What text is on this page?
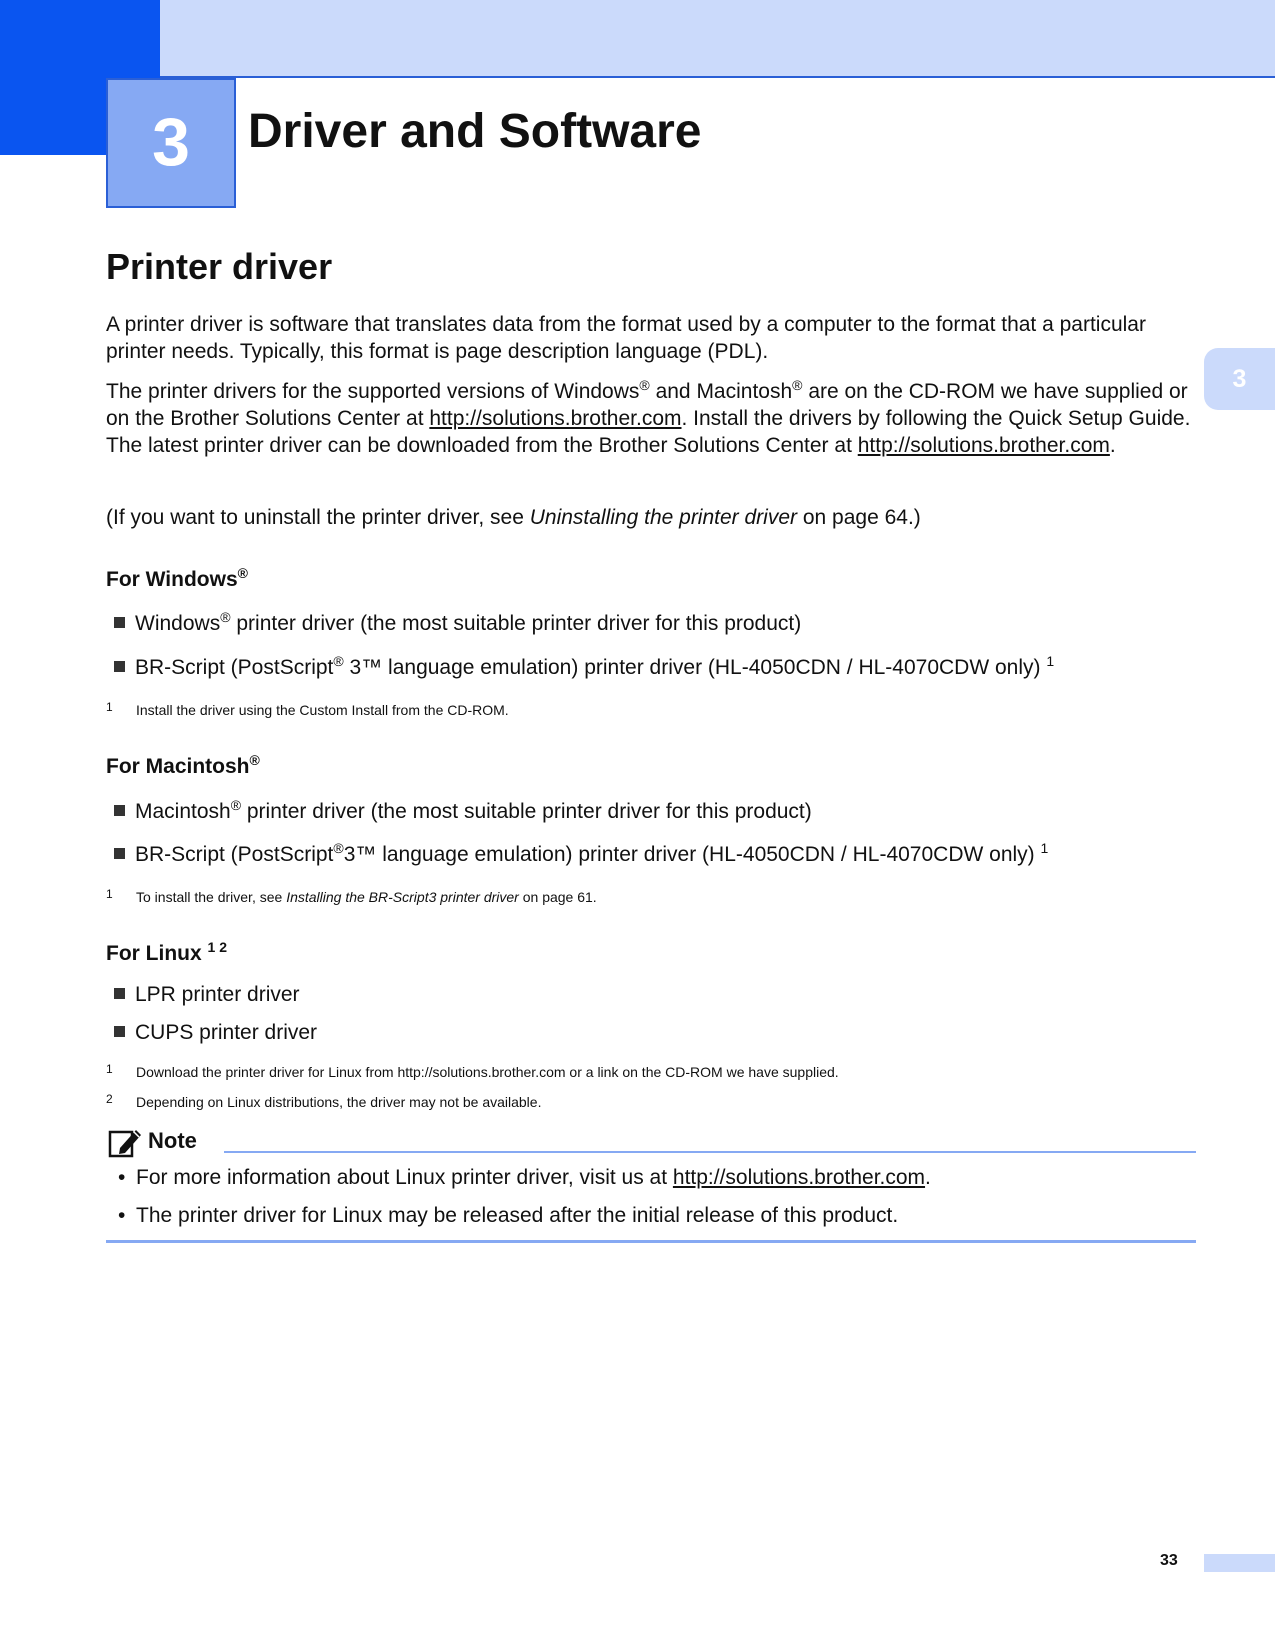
3	Driver and Software
3
Printer driver

A printer driver is software that translates data from the format used by a computer to the format that a particular printer needs. Typically, this format is page description language (PDL).

The printer drivers for the supported versions of Windows® and Macintosh® are on the CD-ROM we have supplied or on the Brother Solutions Center at http://solutions.brother.com. Install the drivers by following the Quick Setup Guide. The latest printer driver can be downloaded from the Brother Solutions Center at http://solutions.brother.com.

(If you want to uninstall the printer driver, see Uninstalling the printer driver on page 64.)

For Windows®
Windows® printer driver (the most suitable printer driver for this product)
BR-Script (PostScript® 3™ language emulation) printer driver (HL-4050CDN / HL-4070CDW only) $^1$
1 Install the driver using the Custom Install from the CD-ROM.
For Macintosh®
Macintosh® printer driver (the most suitable printer driver for this product)
BR-Script (PostScript®3™ language emulation) printer driver (HL-4050CDN / HL-4070CDW only) $^1$
1 To install the driver, see Installing the BR-Script3 printer driver on page 61.
For Linux $^{1 2}$
LPR printer driver
CUPS printer driver
1 Download the printer driver for Linux from http://solutions.brother.com or a link on the CD-ROM we have supplied.
2 Depending on Linux distributions, the driver may not be available.
Note
• For more information about Linux printer driver, visit us at http://solutions.brother.com.
• The printer driver for Linux may be released after the initial release of this product.
33
